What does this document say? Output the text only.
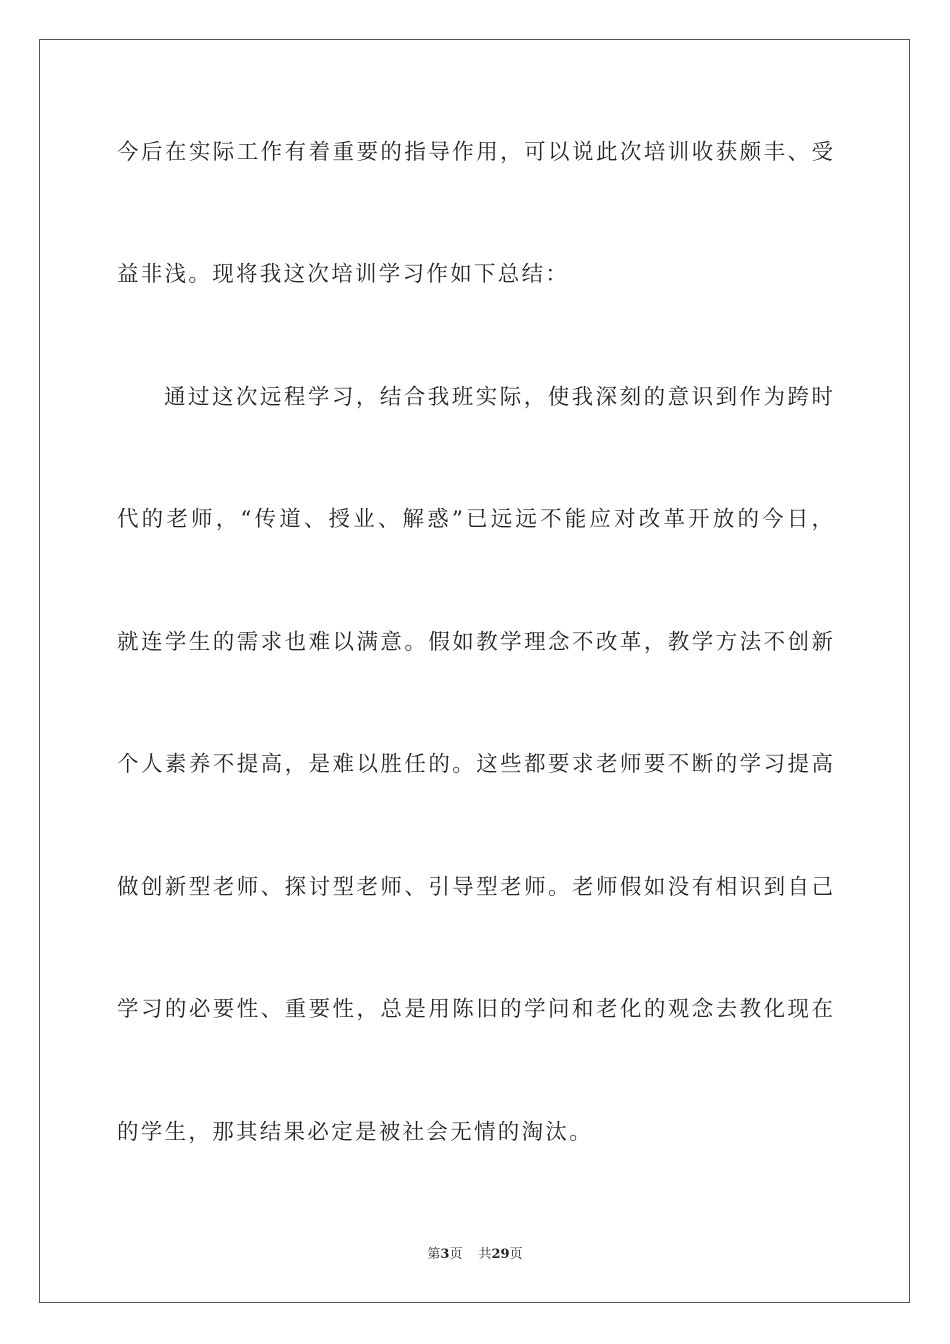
今后在实际工作有着重要的指导作用，可以说此次培训收获颇丰、受
益非浅。现将我这次培训学习作如下总结：
通过这次远程学习，结合我班实际，使我深刻的意识到作为跨时
代的老师，“传道、授业、解惑”已远远不能应对改革开放的今日，
就连学生的需求也难以满意。假如教学理念不改革，教学方法不创新
个人素养不提高，是难以胜任的。这些都要求老师要不断的学习提高
做创新型老师、探讨型老师、引导型老师。老师假如没有相识到自己
学习的必要性、重要性，总是用陈旧的学问和老化的观念去教化现在
的学生，那其结果必定是被社会无情的淘汰。
第3页 共29页
